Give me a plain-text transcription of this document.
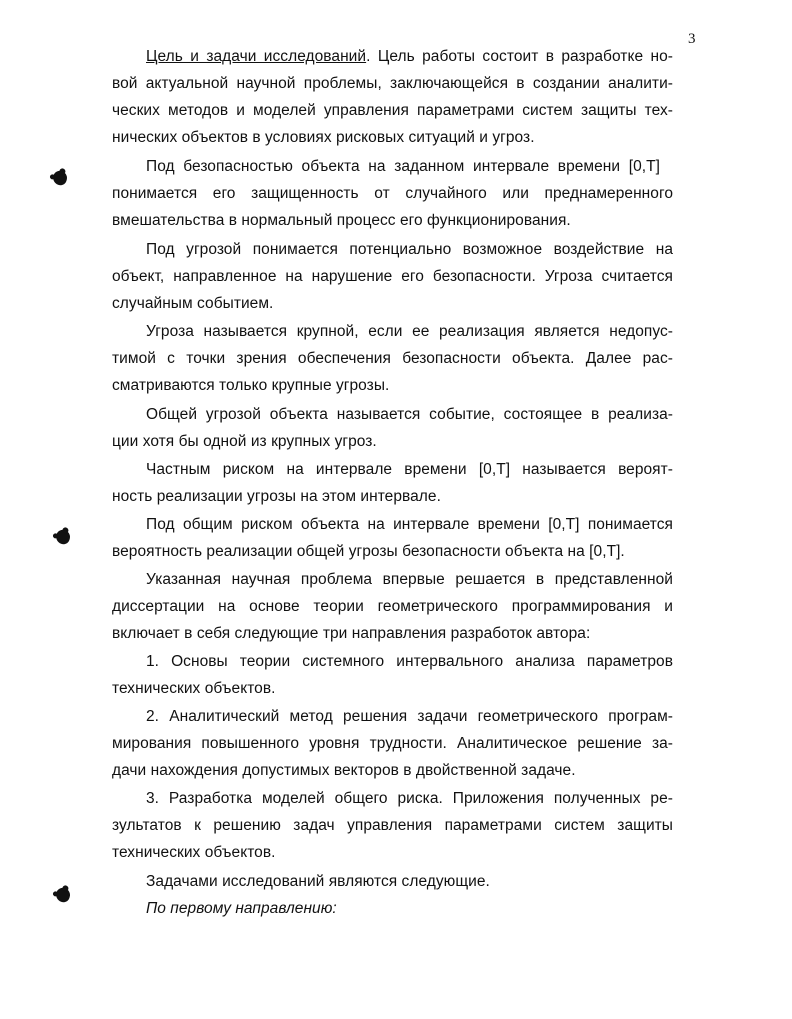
3

Цель и задачи исследований. Цель работы состоит в разработке но-

вой актуальной научной проблемы, заключающейся в создании аналити-

ческих методов и моделей управления параметрами систем защиты тех-

нических объектов в условиях рисковых ситуаций и угроз.

Под безопасностью объекта на заданном интервале времени [0,T]

понимается его защищенность от случайного или преднамеренного

вмешательства в нормальный процесс его функционирования.

Под угрозой понимается потенциально возможное воздействие на

объект, направленное на нарушение его безопасности. Угроза считается

случайным событием.

Угроза называется крупной, если ее реализация является недопус-

тимой с точки зрения обеспечения безопасности объекта. Далее рас-

сматриваются только крупные угрозы.

Общей угрозой объекта называется событие, состоящее в реализа-

ции хотя бы одной из крупных угроз.

Частным риском на интервале времени [0,T] называется вероят-

ность реализации угрозы на этом интервале.

Под общим риском объекта на интервале времени [0,T] понимается

вероятность реализации общей угрозы безопасности объекта на [0,T].

Указанная научная проблема впервые решается в представленной

диссертации на основе теории геометрического программирования и

включает в себя следующие три направления разработок автора:

1. Основы теории системного интервального анализа параметров

технических объектов.

2. Аналитический метод решения задачи геометрического програм-

мирования повышенного уровня трудности. Аналитическое решение за-

дачи нахождения допустимых векторов в двойственной задаче.

3. Разработка моделей общего риска. Приложения полученных ре-

зультатов к решению задач управления параметрами систем защиты

технических объектов.

Задачами исследований являются следующие.

По первому направлению:
